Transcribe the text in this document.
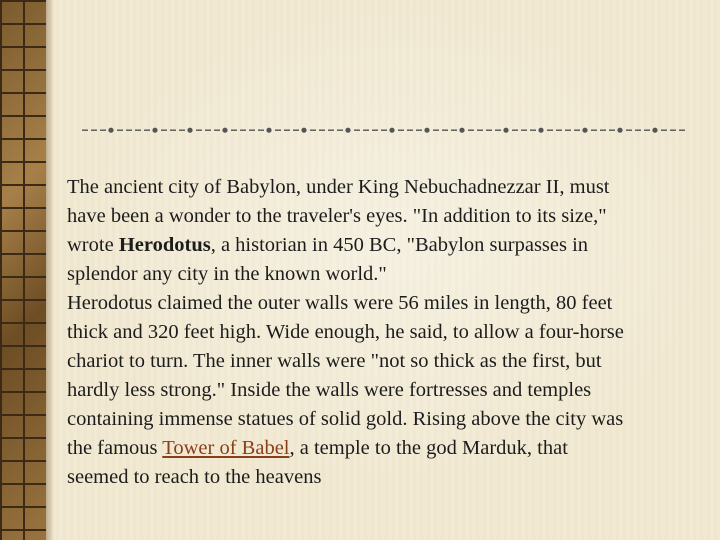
The ancient city of Babylon, under King Nebuchadnezzar II, must
have been a wonder to the traveler's eyes. "In addition to its size,"
wrote Herodotus, a historian in 450 BC, "Babylon surpasses in
splendor any city in the known world."

Herodotus claimed the outer walls were 56 miles in length, 80 feet
thick and 320 feet high. Wide enough, he said, to allow a four-horse
chariot to turn. The inner walls were "not so thick as the first, but
hardly less strong." Inside the walls were fortresses and temples
containing immense statues of solid gold. Rising above the city was
the famous Tower of Babel, a temple to the god Marduk, that
seemed to reach to the heavens
